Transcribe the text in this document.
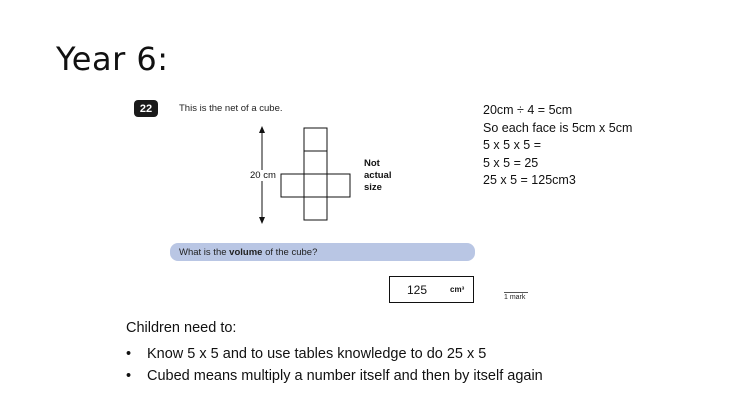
Year 6:
22	This is the net of a cube.
20 cm
Not
actual
size
What is the volume of the cube?
125	cm³
1 mark
20cm ÷ 4 = 5cm
So each face is 5cm x 5cm
5 x 5 x 5 =
5 x 5 = 25
25 x 5 = 125cm3
Children need to:
• Know 5 x 5 and to use tables knowledge to do 25 x 5
• Cubed means multiply a number itself and then by itself again
